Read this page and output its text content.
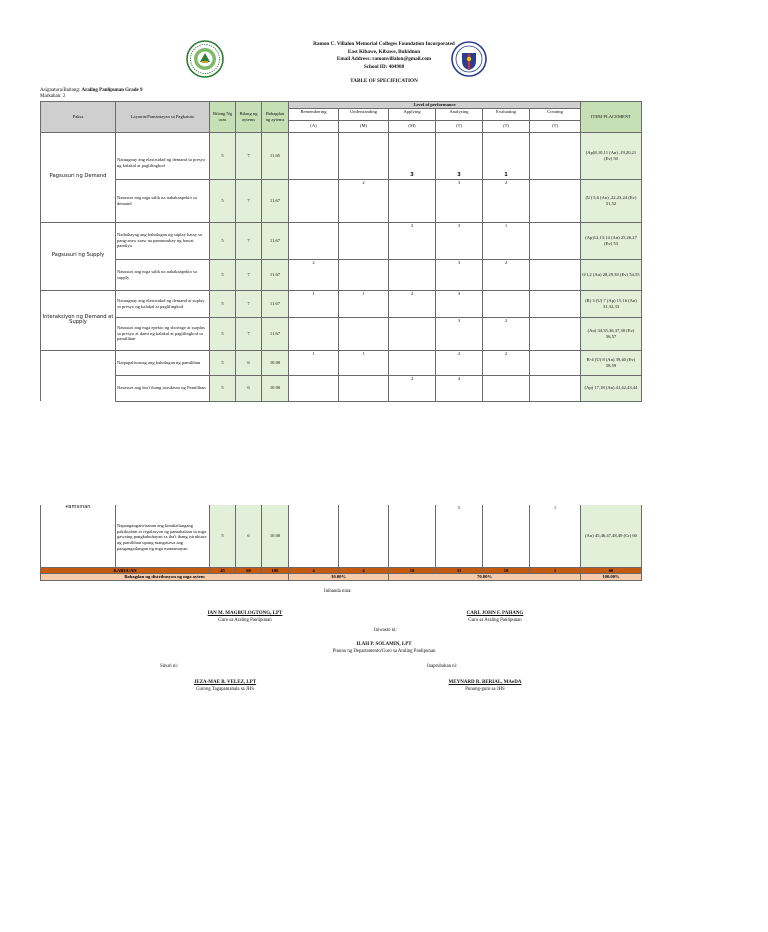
Ramon C. Villalon Memorial Colleges Foundation Incorporated
East Kibawe, Kibawe, Bukidnon
Email Address: ramonvillalon@gmail.com
School ID: 404988
TABLE OF SPECIFICATION
Asignatura/Baitang: Araling Panlipunan Grade 9
Markahan: 2
Paksa	Layunin/Pamantayan sa Pagkatuto	Bilang Ng oras	Bilang ng aytems	Bahagdan ng aytems	Level of performance						ITEM PLACEMENT
					Remembering	Understanding	Applying	Analyzing	Evaluating	Creating	
					(A)	(M)	(M)	(T)	(T)	(T)	
Pagsusuri ng Demand	Naiuugnay ang elastisidad ng demand sa presyo ng kalakal at paglilingkod	5	7	11.65			3	3	1		(Ap)8,10,11 (An) ,19,20,21 (Ev) 50
	Nasusuri ang mga salik na nakakaapekto sa demand	5	7	11.67		2		3	2		(U) 5,6 (An) ,22,23,24 (Ev) 51,52
Pagsusuri ng Supply	Naihahayag ang kahulugan ng suplay batay sa pang-araw araw na pamumuhay ng bawat pamilya	5	7	11.67			3	3	1		(Ap)12,13,14 (An) 25,26,27 (Ev) 53
	Nasusuri ang mga salik na nakakaapekto sa supply	5	7	11.67	2			3	2		0/1,2 (An) 28,29,30 (Ev) 54,55
Interaksiyon ng Demand at Supply	Naiuugnay ang elastisidad ng demand at suplay sa presyo ng kalakal at paglilingkod	5	7	11.67	1	1	2	3			(R) 3 (U) 7 (Ap) 15,16 (An) 31,32,33
	Nasusuri ang mga epekto ng shortage at surplus sa presyo at dami ng kalakal at paglilingkod sa pamilihan	5	7	11.67				3	2		(An) 34,35,36,37,38 (Ev) 56,57
	Naipapaliwanag ang kahulugan ng pamilihan	5	6	10.00	1	1		2	2		R-4 (U) 8 (An) 39,40 (Ev) 58,59
	Nasusuri ang iba't ibang istruktura ng Pamilihan	5	6	10.00			2	4			(Ap) 17,18 (An) 41,42,43,44
Pamilihan	Napangangatwiranan ang kinakailangang pakikialam at regulasyon ng pamahalaan sa mga gawaing pangkabuhayan sa iba't ibang istruktura ng pamilihan upang mangasiwa ang pangangailangan ng mga mamamayan	5	6	10.00				5		1	(An) 45,46,47,48,49 (Cr) 60
KABUUAN		45	60	100	4	4	10	31	10	1	60
Bahagdan ng distribusyon ng mga aytem					30.00%		70.00%				100.00%
Inihanda nina:
IAN M. MAGBULOGTONG, LPT
Guro sa Araling Panlipunan
CARL JOHN F. PAHANG
Guro sa Araling Panlipunan
Iniwasto ni:
ILAH P. SOLAMIN, LPT
Pinuno ng Departamento/Guro sa Araling Panlipunan
Sinuri ni:	Inaprubahan ni:
JEZA-MAE B. VELEZ, LPT
Gurong Tagapamahala sa JHS
MEYNARD R. BERIAL, MAeDA
Punong-guro sa JHS
